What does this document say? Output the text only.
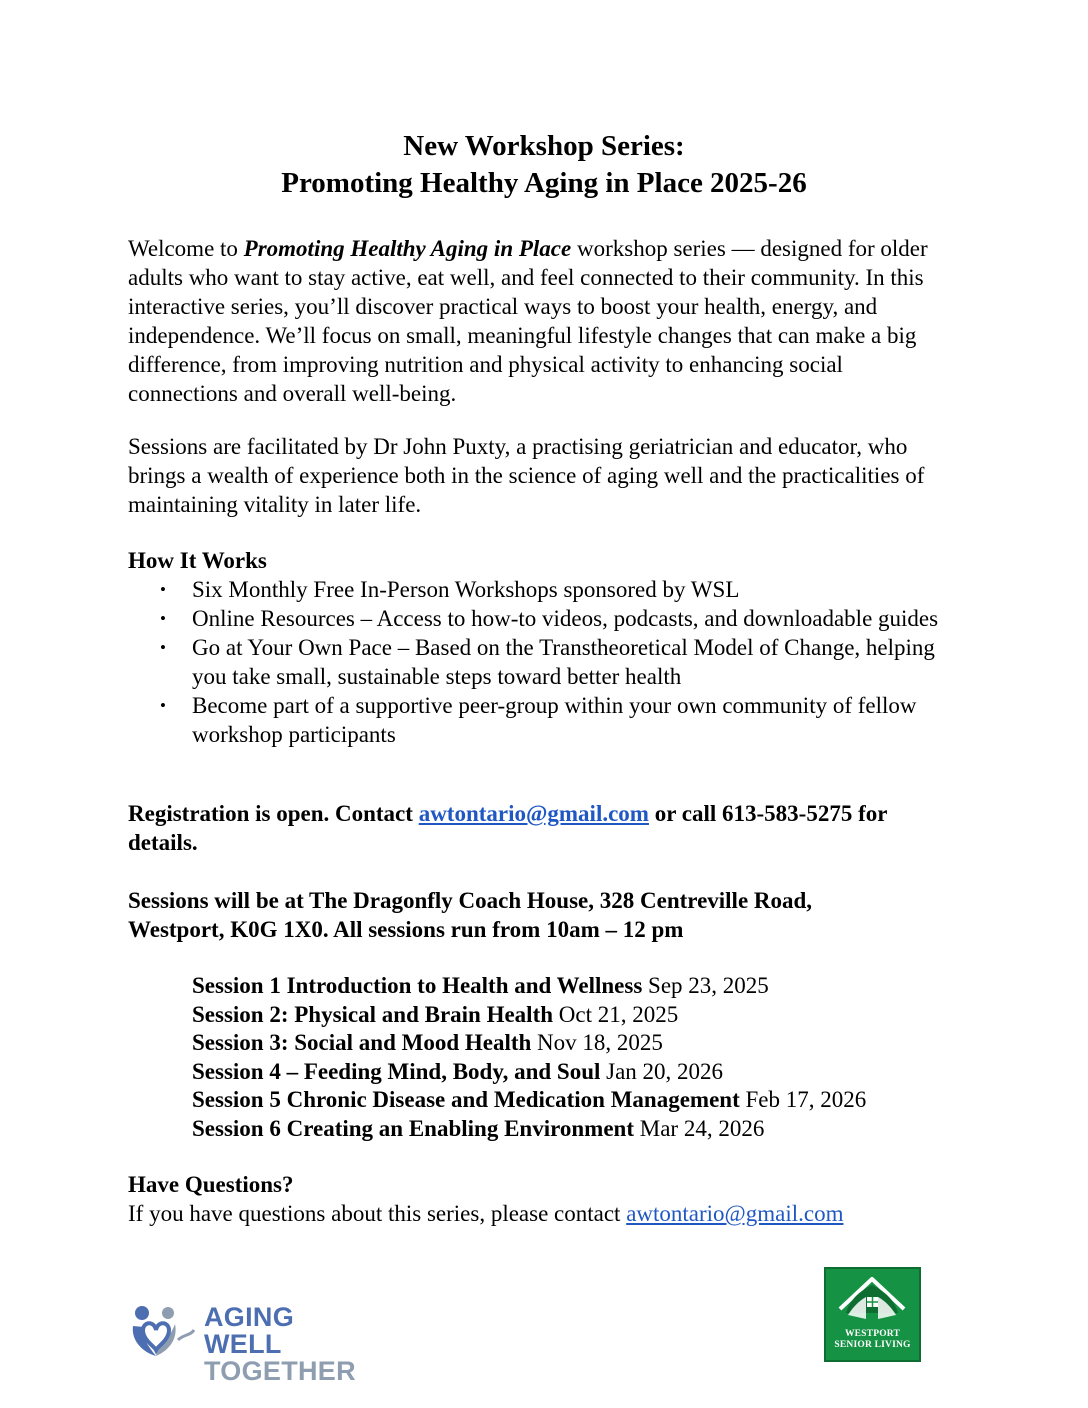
New Workshop Series:
Promoting Healthy Aging in Place 2025-26

Welcome to Promoting Healthy Aging in Place workshop series — designed for older adults who want to stay active, eat well, and feel connected to their community. In this interactive series, you’ll discover practical ways to boost your health, energy, and independence. We’ll focus on small, meaningful lifestyle changes that can make a big difference, from improving nutrition and physical activity to enhancing social connections and overall well-being.

Sessions are facilitated by Dr John Puxty, a practising geriatrician and educator, who brings a wealth of experience both in the science of aging well and the practicalities of maintaining vitality in later life.

How It Works
• Six Monthly Free In-Person Workshops sponsored by WSL
• Online Resources – Access to how-to videos, podcasts, and downloadable guides
• Go at Your Own Pace – Based on the Transtheoretical Model of Change, helping you take small, sustainable steps toward better health
• Become part of a supportive peer-group within your own community of fellow workshop participants
Registration is open. Contact awtontario@gmail.com or call 613-583-5275 for details.
Sessions will be at The Dragonfly Coach House, 328 Centreville Road,
Westport, K0G 1X0. All sessions run from 10am – 12 pm
Session 1 Introduction to Health and Wellness Sep 23, 2025
Session 2: Physical and Brain Health Oct 21, 2025
Session 3: Social and Mood Health Nov 18, 2025
Session 4 – Feeding Mind, Body, and Soul Jan 20, 2026
Session 5 Chronic Disease and Medication Management Feb 17, 2026
Session 6 Creating an Enabling Environment Mar 24, 2026
Have Questions?
If you have questions about this series, please contact awtontario@gmail.com
AGING WELL
TOGETHER
WESTPORT
SENIOR LIVING
